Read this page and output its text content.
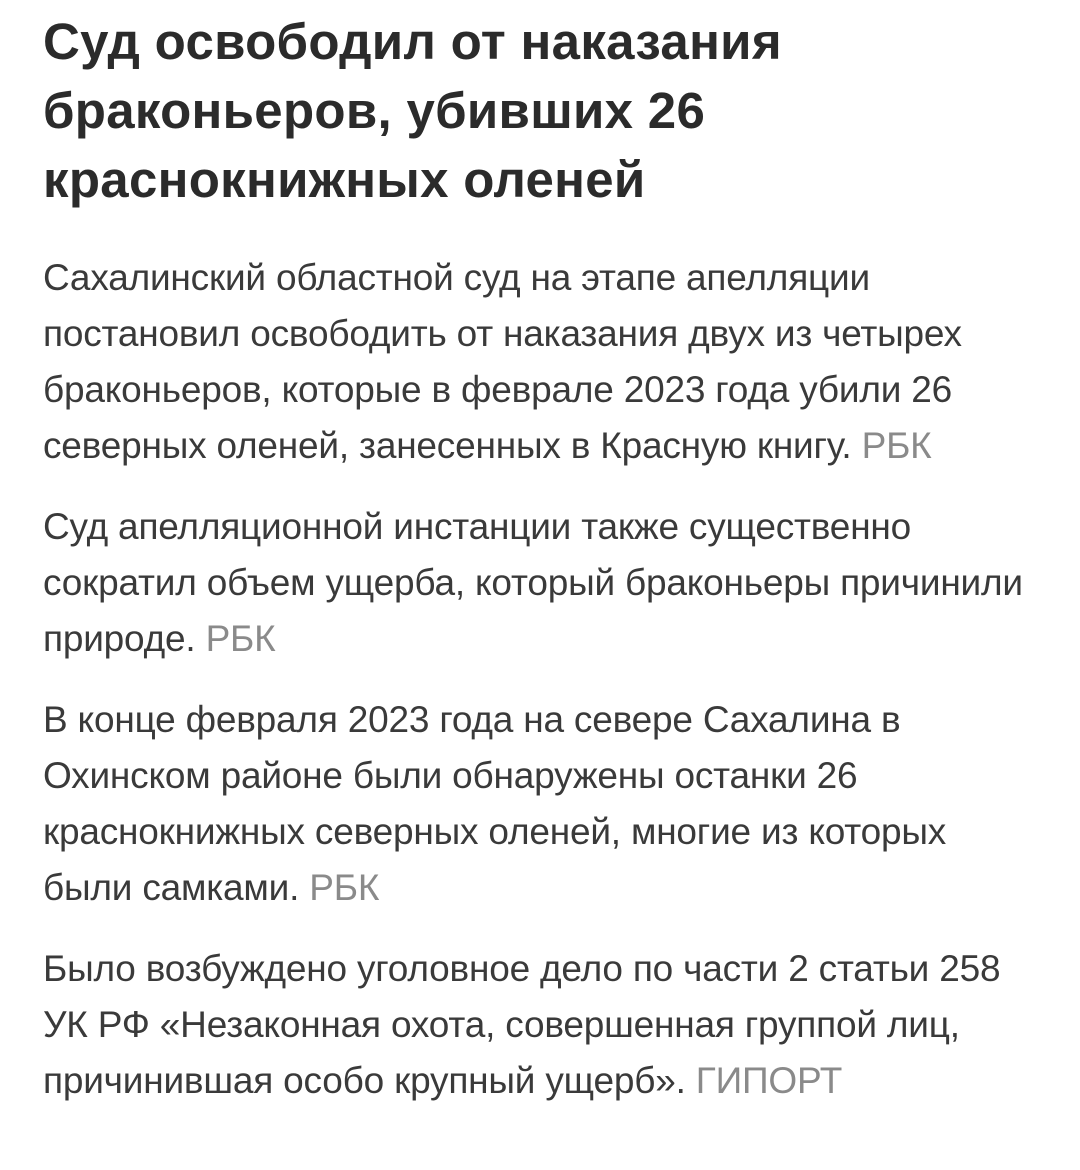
Суд освободил от наказания браконьеров, убивших 26 краснокнижных оленей

Сахалинский областной суд на этапе апелляции постановил освободить от наказания двух из четырех браконьеров, которые в феврале 2023 года убили 26 северных оленей, занесенных в Красную книгу. РБК

Суд апелляционной инстанции также существенно сократил объем ущерба, который браконьеры причинили природе. РБК

В конце февраля 2023 года на севере Сахалина в Охинском районе были обнаружены останки 26 краснокнижных северных оленей, многие из которых были самками. РБК

Было возбуждено уголовное дело по части 2 статьи 258 УК РФ «Незаконная охота, совершенная группой лиц, причинившая особо крупный ущерб». ГИПОРТ
